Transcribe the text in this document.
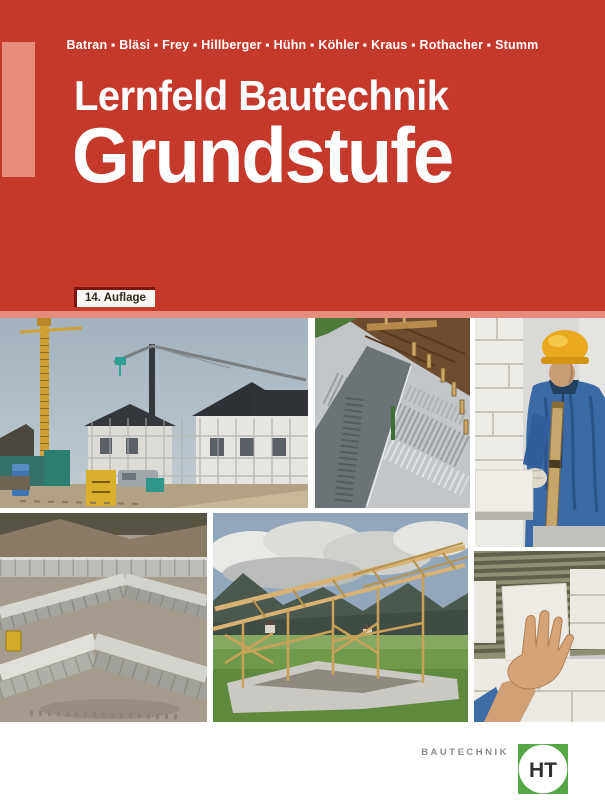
Batran ▪ Bläsi ▪ Frey ▪ Hillberger ▪ Hühn ▪ Köhler ▪ Kraus ▪ Rothacher ▪ Stumm
Lernfeld Bautechnik
Grundstufe
14. Auflage
BAUTECHNIK
HT
